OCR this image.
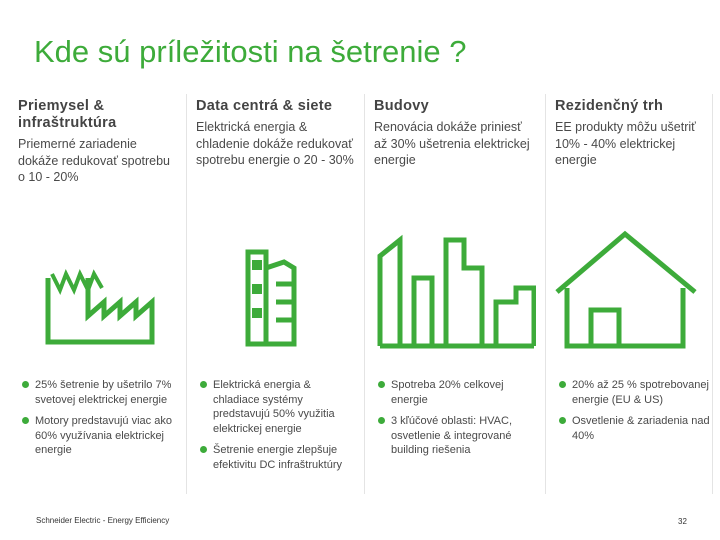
Kde sú príležitosti na šetrenie ?

Priemysel & infraštruktúra

Priemerné zariadenie dokáže redukovať spotrebu o 10 - 20%

25% šetrenie by ušetrilo 7% svetovej elektrickej energie
Motory predstavujú viac ako 60% využívania elektrickej energie

Data centrá & siete

Elektrická energia & chladenie dokáže redukovať spotrebu energie o 20 - 30%

Elektrická energia & chladiace systémy predstavujú 50% využitia elektrickej energie
Šetrenie energie zlepšuje efektivitu DC infraštruktúry

Budovy

Renovácia dokáže priniesť až 30% ušetrenia elektrickej energie

Spotreba 20% celkovej energie
3 kľúčové oblasti: HVAC, osvetlenie & integrované building riešenia

Rezidenčný trh

EE produkty môžu ušetriť 10% - 40% elektrickej energie

20% až 25 % spotrebovanej energie (EU & US)
Osvetlenie & zariadenia nad 40%
Schneider Electric - Energy Efficiency	32
